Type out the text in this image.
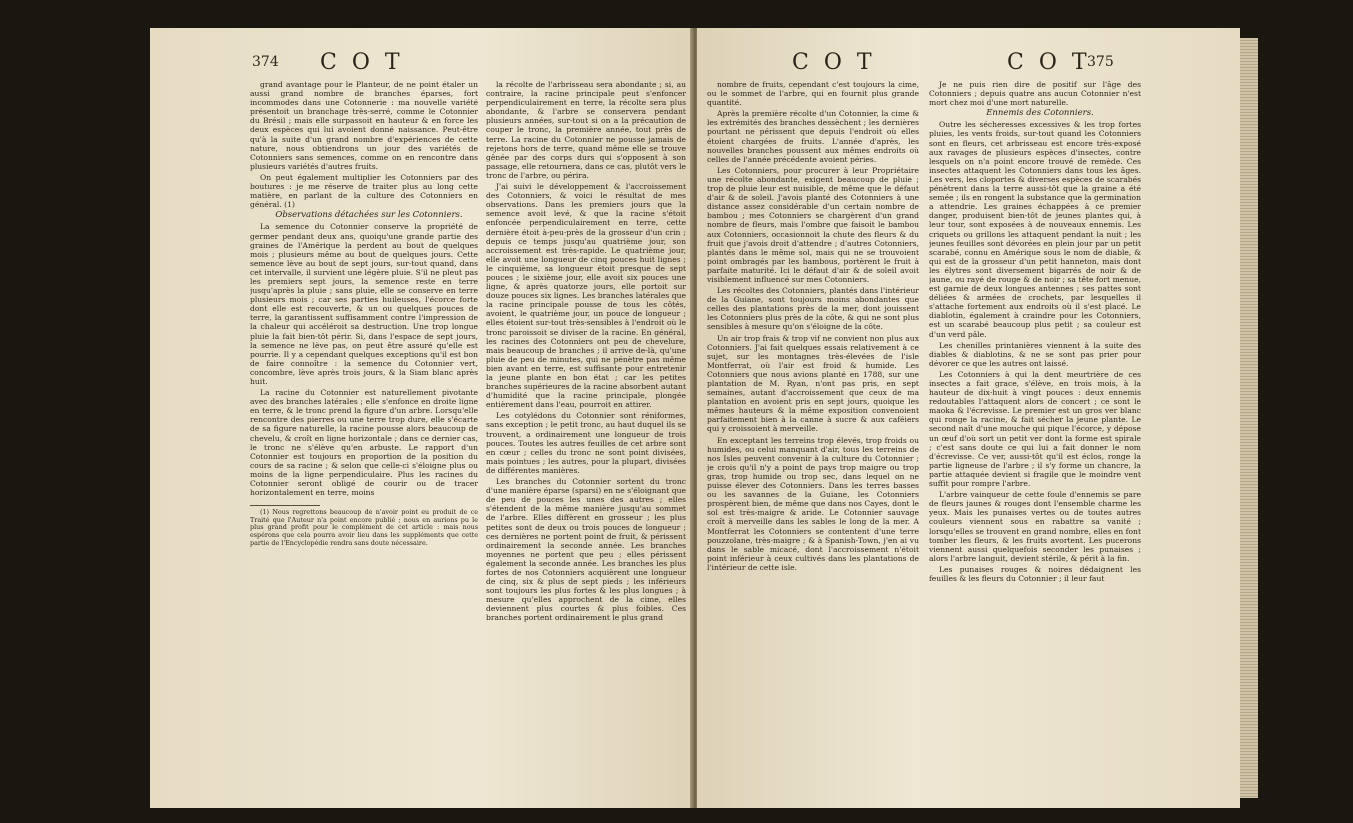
374 C O T

grand avantage pour le Planteur, de ne point étaler un aussi grand nombre de branches éparses, fort incommodes dans une Cotonnerie : ma nouvelle variété présentoit un branchage très-serré, comme le Cotonnier du Brésil ; mais elle surpassoit en hauteur & en force les deux espèces qui lui avoient donné naissance. Peut-être qu'à la suite d'un grand nombre d'expériences de cette nature, nous obtiendrons un jour des variétés de Cotonniers sans semences, comme on en rencontre dans plusieurs variétés d'autres fruits.

On peut également multiplier les Cotonniers par des boutures : je me réserve de traiter plus au long cette matière, en parlant de la culture des Cotonniers en général. (1)

Observations détachées sur les Cotonniers.

La semence du Cotonnier conserve la propriété de germer pendant deux ans, quoiqu'une grande partie des graines de l'Amérique la perdent au bout de quelques mois ; plusieurs même au bout de quelques jours. Cette semence lève au bout de sept jours, sur-tout quand, dans cet intervalle, il survient une légère pluie. S'il ne pleut pas les premiers sept jours, la semence reste en terre jusqu'après la pluie ; sans pluie, elle se conserve en terre plusieurs mois ; car ses parties huileuses, l'écorce forte dont elle est recouverte, & un ou quelques pouces de terre, la garantissent suffisamment contre l'impression de la chaleur qui accéléroit sa destruction. Une trop longue pluie la fait bien-tôt périr. Si, dans l'espace de sept jours, la semence ne lève pas, on peut être assuré qu'elle est pourrie. Il y a cependant quelques exceptions qu'il est bon de faire connoître : la semence du Cotonnier vert, concombre, lève après trois jours, & la Siam blanc après huit.

La racine du Cotonnier est naturellement pivotante avec des branches latérales ; elle s'enfonce en droite ligne en terre, & le tronc prend la figure d'un arbre. Lorsqu'elle rencontre des pierres ou une terre trop dure, elle s'écarte de sa figure naturelle, la racine pousse alors beaucoup de chevelu, & croît en ligne horizontale ; dans ce dernier cas, le tronc ne s'élève qu'en arbuste. Le rapport d'un Cotonnier est toujours en proportion de la position du cours de sa racine ; & selon que celle-ci s'éloigne plus ou moins de la ligne perpendiculaire. Plus les racines du Cotonnier seront obligé de courir ou de tracer horizontalement en terre, moins

(1) Nous regrettons beaucoup de n'avoir point eu produit de ce Traité que l'Auteur n'a point encore publié ; nous en aurions pu le plus grand profit pour le complément de cet article : mais nous espérons que cela pourra avoir lieu dans les suppléments que cette partie de l'Encyclopédie rendra sans doute nécessaire.

la récolte de l'arbrisseau sera abondante ; si, au contraire, la racine principale peut s'enfoncer perpendiculairement en terre, la récolte sera plus abondante, & l'arbre se conservera pendant plusieurs années, sur-tout si on a la précaution de couper le tronc, la première année, tout près de terre. La racine du Cotonnier ne pousse jamais de rejetons hors de terre, quand même elle se trouve gênée par des corps durs qui s'opposent à son passage, elle retournera, dans ce cas, plutôt vers le tronc de l'arbre, ou périra.

J'ai suivi le développement & l'accroissement des Cotonniers, & voici le résultat de mes observations. Dans les premiers jours que la semence avoit levé, & que la racine s'étoit enfoncée perpendiculairement en terre, cette dernière étoit à-peu-près de la grosseur d'un crin ; depuis ce temps jusqu'au quatrième jour, son accroissement est très-rapide. Le quatrième jour, elle avoit une longueur de cinq pouces huit lignes ; le cinquième, sa longueur étoit presque de sept pouces ; le sixième jour, elle avoit six pouces une ligne, & après quatorze jours, elle portoit sur douze pouces six lignes. Les branches latérales que la racine principale pousse de tous les côtés, avoient, le quatrième jour, un pouce de longueur ; elles étoient sur-tout très-sensibles à l'endroit où le tronc paroissoit se diviser de la racine. En général, les racines des Cotonniers ont peu de chevelure, mais beaucoup de branches ; il arrive de-là, qu'une pluie de peu de minutes, qui ne pénètre pas même bien avant en terre, est suffisante pour entretenir la jeune plante en bon état ; car les petites branches supérieures de la racine absorbent autant d'humidité que la racine principale, plongée entièrement dans l'eau, pourroit en attirer.

Les cotylédons du Cotonnier sont réniformes, sans exception ; le petit tronc, au haut duquel ils se trouvent, a ordinairement une longueur de trois pouces. Toutes les autres feuilles de cet arbre sont en cœur ; celles du tronc ne sont point divisées, mais pointues ; les autres, pour la plupart, divisées de différentes manières.

Les branches du Cotonnier sortent du tronc d'une manière éparse (sparsi) en ne s'éloignant que de peu de pouces les unes des autres ; elles s'étendent de la même manière jusqu'au sommet de l'arbre. Elles diffèrent en grosseur ; les plus petites sont de deux ou trois pouces de longueur ; ces dernières ne portent point de fruit, & périssent ordinairement la seconde année. Les branches moyennes ne portent que peu ; elles périssent également la seconde année. Les branches les plus fortes de nos Cotonniers acquièrent une longueur de cinq, six & plus de sept pieds ; les inférieurs sont toujours les plus fortes & les plus longues ; à mesure qu'elles approchent de la cime, elles deviennent plus courtes & plus foibles. Ces branches portent ordinairement le plus grand

C O T	C O T
375

nombre de fruits, cependant c'est toujours la cime, ou le sommet de l'arbre, qui en fournit plus grande quantité.

Après la première récolte d'un Cotonnier, la cime & les extrémités des branches dessèchent ; les dernières pourtant ne périssent que depuis l'endroit où elles étoient chargées de fruits. L'année d'après, les nouvelles branches poussent aux mêmes endroits où celles de l'année précédente avoient péries.

Les Cotonniers, pour procurer à leur Propriétaire une récolte abondante, exigent beaucoup de pluie ; trop de pluie leur est nuisible, de même que le défaut d'air & de soleil. J'avois planté des Cotonniers à une distance assez considérable d'un certain nombre de bambou ; mes Cotonniers se chargèrent d'un grand nombre de fleurs, mais l'ombre que faisoit le bambou aux Cotonniers, occasionnoit la chute des fleurs & du fruit que j'avois droit d'attendre ; d'autres Cotonniers, plantés dans le même sol, mais qui ne se trouvoient point ombragés par les bambous, portèrent le fruit à parfaite maturité. Ici le défaut d'air & de soleil avoit visiblement influencé sur mes Cotonniers.

Les récoltes des Cotonniers, plantés dans l'intérieur de la Guiane, sont toujours moins abondantes que celles des plantations près de la mer, dont jouissent les Cotonniers plus près de la côte, & qui ne sont plus sensibles à mesure qu'on s'éloigne de la côte.

Un air trop frais & trop vif ne convient non plus aux Cotonniers. J'ai fait quelques essais relativement à ce sujet, sur les montagnes très-élevées de l'isle Montferrat, où l'air est froid & humide. Les Cotonniers que nous avions planté en 1788, sur une plantation de M. Ryan, n'ont pas pris, en sept semaines, autant d'accroissement que ceux de ma plantation en avoient pris en sept jours, quoique les mêmes hauteurs & la même exposition convenoient parfaitement bien à la canne à sucre & aux caféiers qui y croissoient à merveille.

En exceptant les terreins trop élevés, trop froids ou humides, ou celui manquant d'air, tous les terreins de nos Isles peuvent convenir à la culture du Cotonnier ; je crois qu'il n'y a point de pays trop maigre ou trop gras, trop humide ou trop sec, dans lequel on ne puisse élever des Cotonniers. Dans les terres basses ou les savannes de la Guiane, les Cotonniers prospèrent bien, de même que dans nos Cayes, dont le sol est très-maigre & aride. Le Cotonnier sauvage croît à merveille dans les sables le long de la mer. A Montferrat les Cotonniers se contentent d'une terre pouzzolane, très-maigre ; & à Spanish-Town, j'en ai vu dans le sable micacé, dont l'accroissement n'étoit point inférieur à ceux cultivés dans les plantations de l'intérieur de cette isle.

Je ne puis rien dire de positif sur l'âge des Cotonniers ; depuis quatre ans aucun Cotonnier n'est mort chez moi d'une mort naturelle.

Ennemis des Cotonniers.

Outre les sécheresses excessives & les trop fortes pluies, les vents froids, sur-tout quand les Cotonniers sont en fleurs, cet arbrisseau est encore très-exposé aux ravages de plusieurs espèces d'insectes, contre lesquels on n'a point encore trouvé de remède. Ces insectes attaquent les Cotonniers dans tous les âges. Les vers, les cloportes & diverses espèces de scarabés pénètrent dans la terre aussi-tôt que la graine a été semée ; ils en rongent la substance que la germination a attendrie. Les graines échappées à ce premier danger, produisent bien-tôt de jeunes plantes qui, à leur tour, sont exposées à de nouveaux ennemis. Les criquets ou grillons les attaquent pendant la nuit ; les jeunes feuilles sont dévorées en plein jour par un petit scarabé, connu en Amérique sous le nom de diable, & qui est de la grosseur d'un petit hanneton, mais dont les élytres sont diversement bigarrés de noir & de jaune, ou rayé de rouge & de noir ; sa tête fort menue, est garnie de deux longues antennes ; ses pattes sont déliées & armées de crochets, par lesquelles il s'attache fortement aux endroits où il s'est placé. Le diablotin, également à craindre pour les Cotonniers, est un scarabé beaucoup plus petit ; sa couleur est d'un verd pâle.

Les chenilles printanières viennent à la suite des diables & diablotins, & ne se sont pas prier pour dévorer ce que les autres ont laissé.

Les Cotonniers à qui la dent meurtrière de ces insectes a fait grace, s'élève, en trois mois, à la hauteur de dix-huit à vingt pouces : deux ennemis redoutables l'attaquent alors de concert ; ce sont le maoka & l'écrevisse. Le premier est un gros ver blanc qui ronge la racine, & fait sécher la jeune plante. Le second naît d'une mouche qui pique l'écorce, y dépose un œuf d'où sort un petit ver dont la forme est spirale ; c'est sans doute ce qui lui a fait donner le nom d'écrevisse. Ce ver, aussi-tôt qu'il est éclos, ronge la partie ligneuse de l'arbre ; il s'y forme un chancre, la partie attaquée devient si fragile que le moindre vent suffit pour rompre l'arbre.

L'arbre vainqueur de cette foule d'ennemis se pare de fleurs jaunes & rouges dont l'ensemble charme les yeux. Mais les punaises vertes ou de toutes autres couleurs viennent sous en rabattre sa vanité ; lorsqu'elles se trouvent en grand nombre, elles en font tomber les fleurs, & les fruits avortent. Les pucerons viennent aussi quelquefois seconder les punaises ; alors l'arbre languit, devient stérile, & périt à la fin.

Les punaises rouges & noires dédaignent les feuilles & les fleurs du Cotonnier ; il leur faut
